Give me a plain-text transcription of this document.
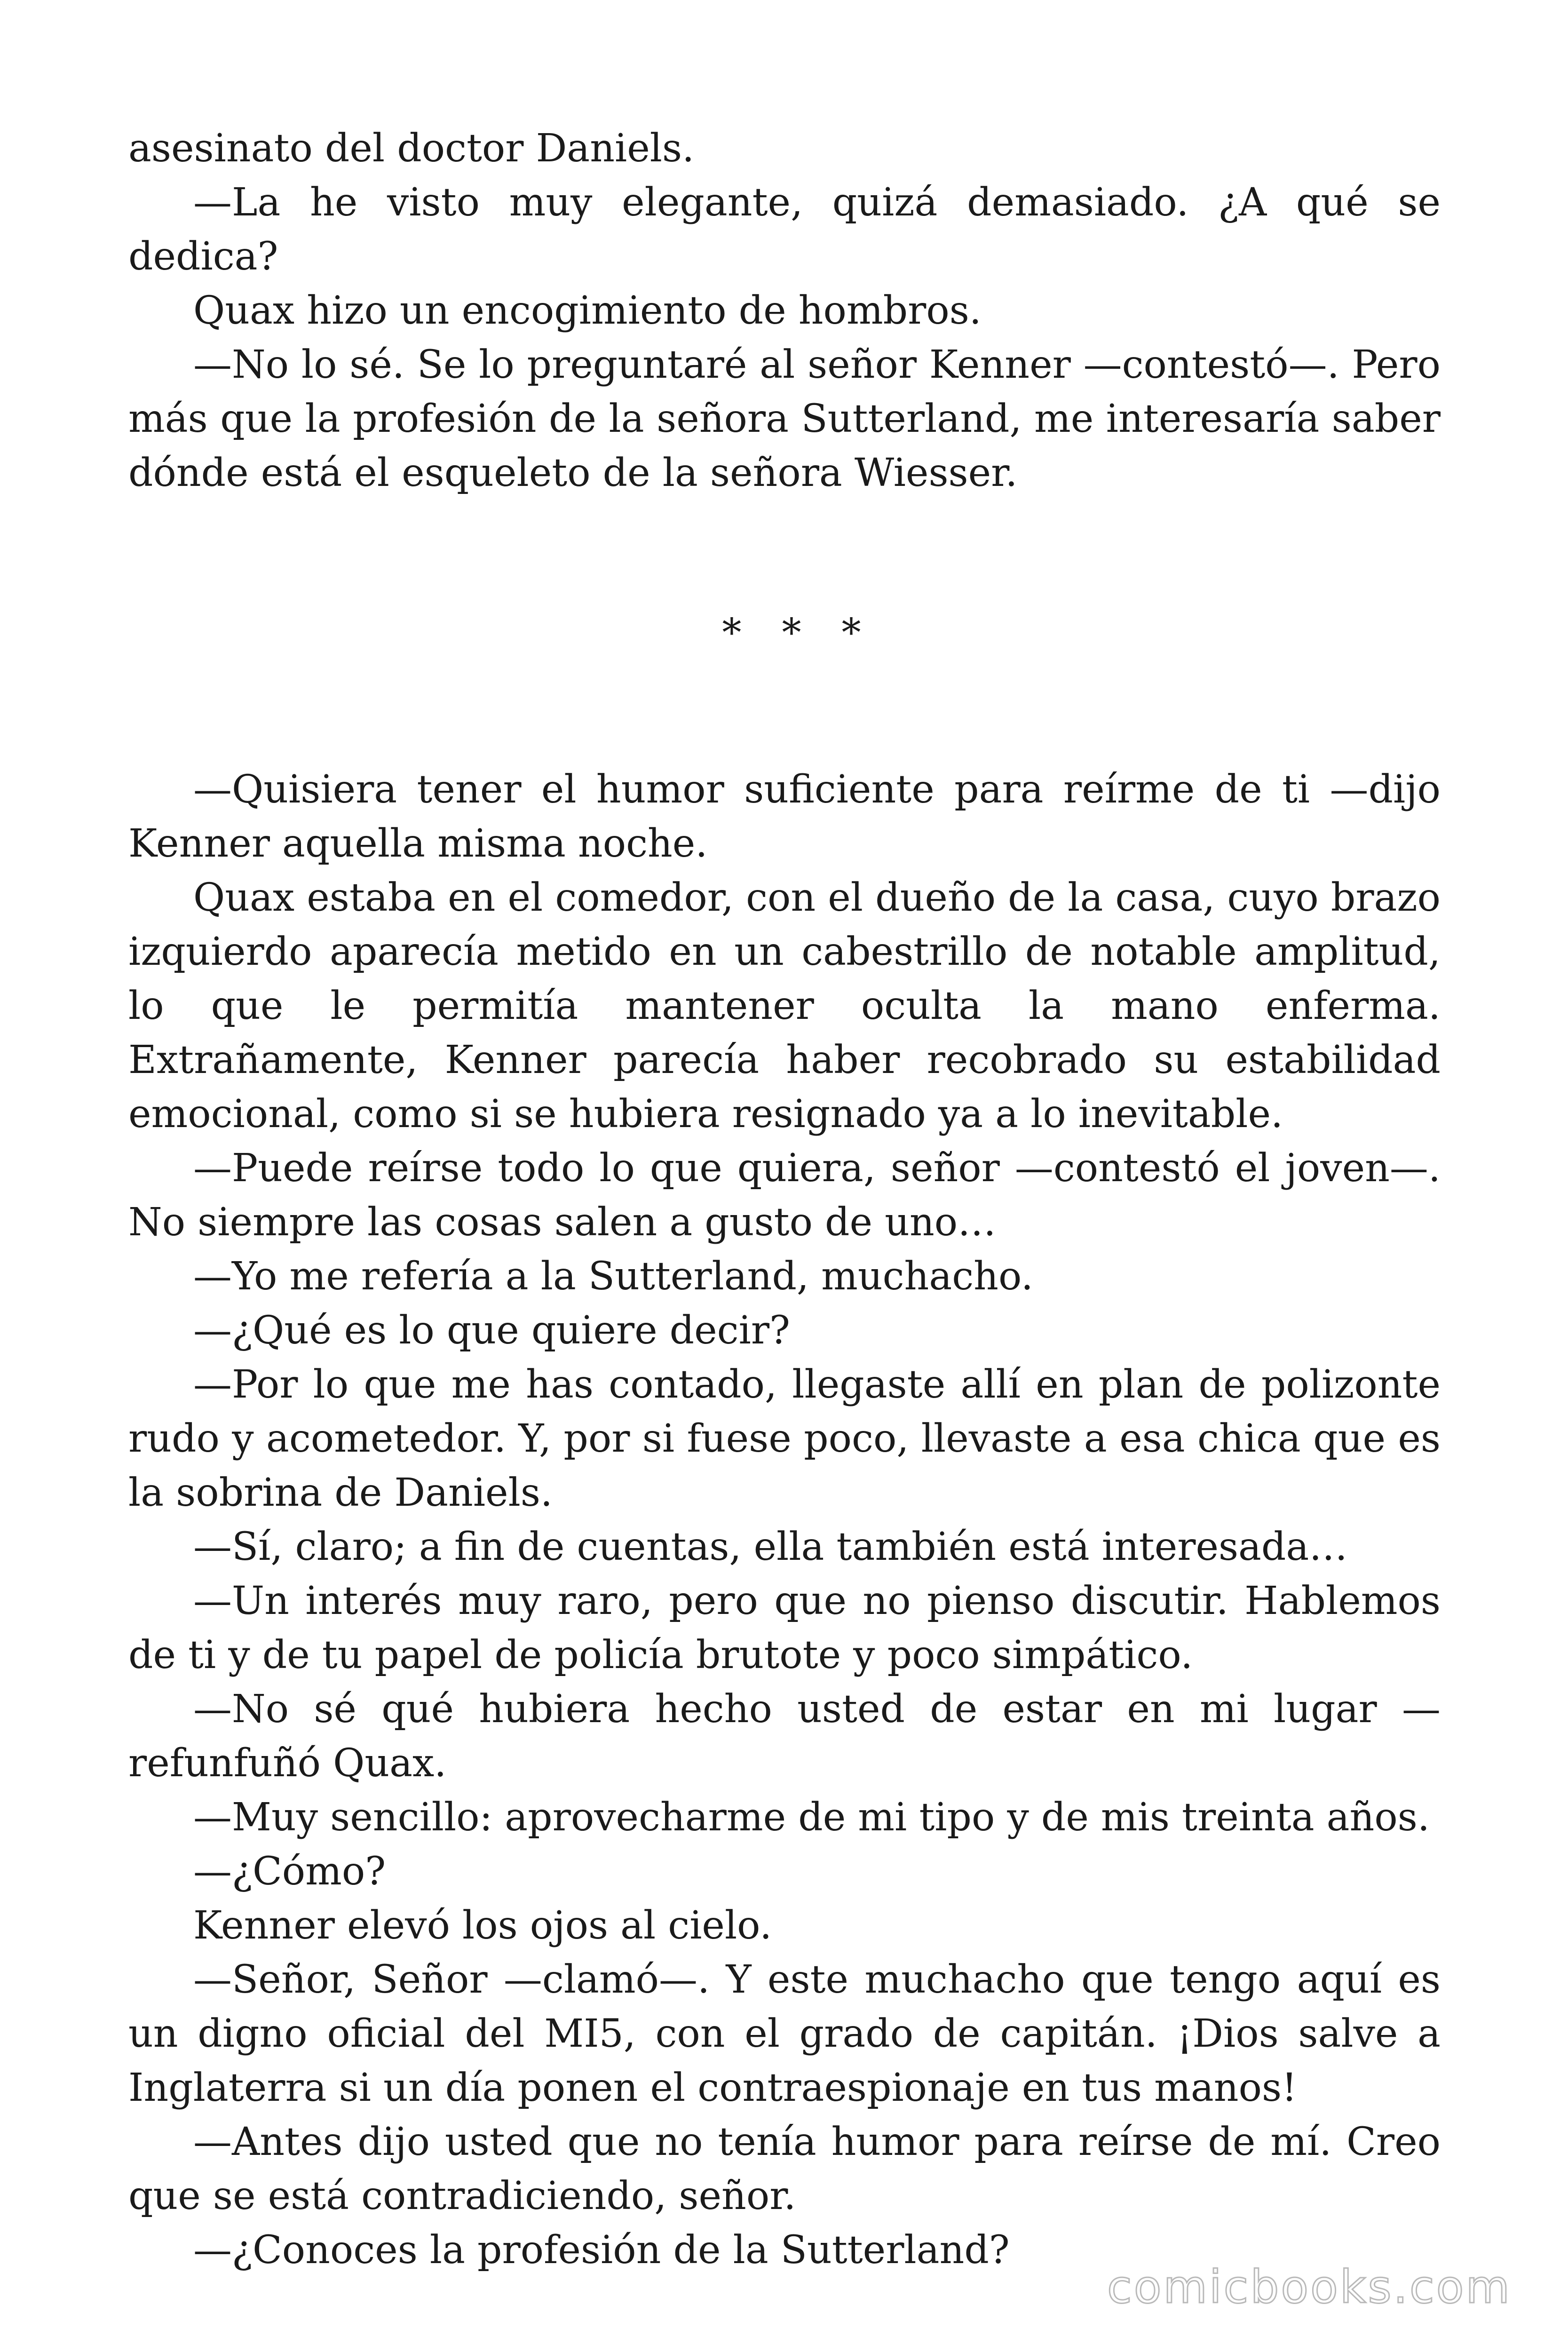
asesinato del doctor Daniels.

—La he visto muy elegante, quizá demasiado. ¿A qué se dedica?

Quax hizo un encogimiento de hombros.

—No lo sé. Se lo preguntaré al señor Kenner —contestó—. Pero más que la profesión de la señora Sutterland, me interesaría saber dónde está el esqueleto de la señora Wiesser.

* * *

—Quisiera tener el humor suficiente para reírme de ti —dijo Kenner aquella misma noche.

Quax estaba en el comedor, con el dueño de la casa, cuyo brazo izquierdo aparecía metido en un cabestrillo de notable amplitud, lo que le permitía mantener oculta la mano enferma. Extrañamente, Kenner parecía haber recobrado su estabilidad emocional, como si se hubiera resignado ya a lo inevitable.

—Puede reírse todo lo que quiera, señor —contestó el joven—. No siempre las cosas salen a gusto de uno…

—Yo me refería a la Sutterland, muchacho.

—¿Qué es lo que quiere decir?

—Por lo que me has contado, llegaste allí en plan de polizonte rudo y acometedor. Y, por si fuese poco, llevaste a esa chica que es la sobrina de Daniels.

—Sí, claro; a fin de cuentas, ella también está interesada…

—Un interés muy raro, pero que no pienso discutir. Hablemos de ti y de tu papel de policía brutote y poco simpático.

—No sé qué hubiera hecho usted de estar en mi lugar —refunfuñó Quax.

—Muy sencillo: aprovecharme de mi tipo y de mis treinta años.

—¿Cómo?

Kenner elevó los ojos al cielo.

—Señor, Señor —clamó—. Y este muchacho que tengo aquí es un digno oficial del MI5, con el grado de capitán. ¡Dios salve a Inglaterra si un día ponen el contraespionaje en tus manos!

—Antes dijo usted que no tenía humor para reírse de mí. Creo que se está contradiciendo, señor.

—¿Conoces la profesión de la Sutterland?

comicbooks.com
